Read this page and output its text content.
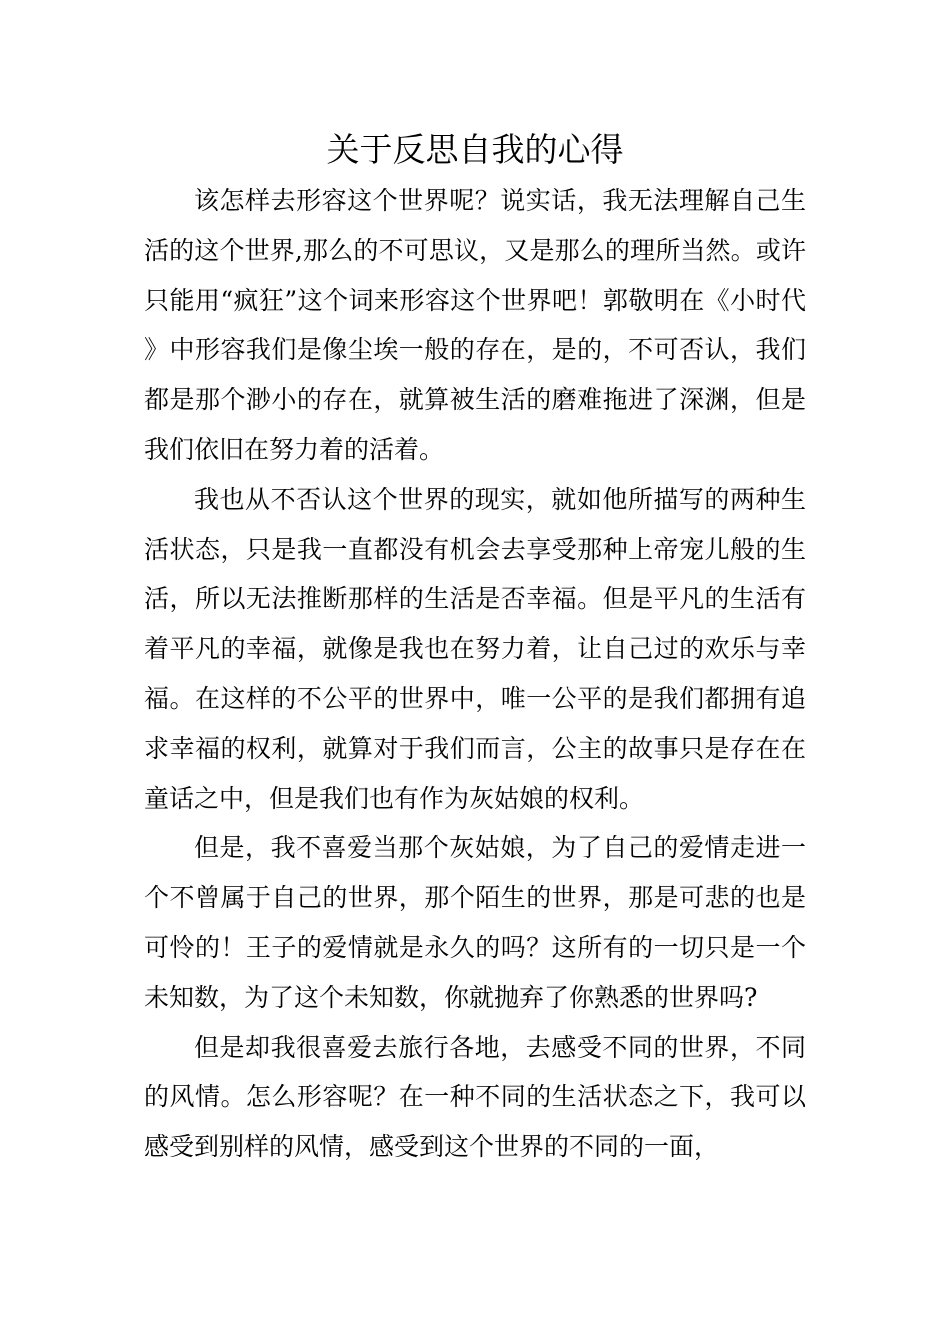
关于反思自我的心得

该怎样去形容这个世界呢？说实话，我无法理解自己生活的这个世界,那么的不可思议，又是那么的理所当然。或许只能用“疯狂”这个词来形容这个世界吧！郭敬明在《小时代》中形容我们是像尘埃一般的存在，是的，不可否认，我们都是那个渺小的存在，就算被生活的磨难拖进了深渊，但是我们依旧在努力着的活着。

我也从不否认这个世界的现实，就如他所描写的两种生活状态，只是我一直都没有机会去享受那种上帝宠儿般的生活，所以无法推断那样的生活是否幸福。但是平凡的生活有着平凡的幸福，就像是我也在努力着，让自己过的欢乐与幸福。在这样的不公平的世界中，唯一公平的是我们都拥有追求幸福的权利，就算对于我们而言，公主的故事只是存在在童话之中，但是我们也有作为灰姑娘的权利。

但是，我不喜爱当那个灰姑娘，为了自己的爱情走进一个不曾属于自己的世界，那个陌生的世界，那是可悲的也是可怜的！王子的爱情就是永久的吗？这所有的一切只是一个未知数，为了这个未知数，你就抛弃了你熟悉的世界吗?

但是却我很喜爱去旅行各地，去感受不同的世界，不同的风情。怎么形容呢？在一种不同的生活状态之下，我可以感受到别样的风情，感受到这个世界的不同的一面，
